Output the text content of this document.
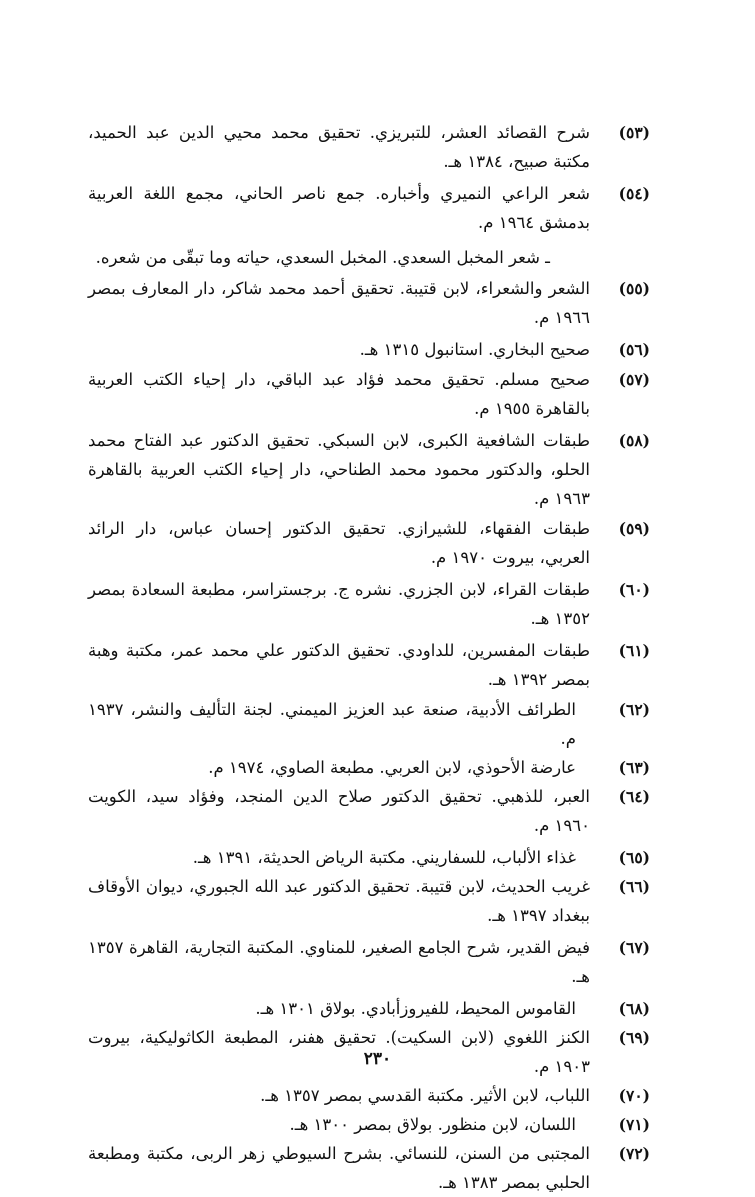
(٥٣)
شرح القصائد العشر، للتبريزي. تحقيق محمد محيي الدين عبد الحميد، مكتبة صبيح، ١٣٨٤ هـ.
(٥٤)
شعر الراعي النميري وأخباره. جمع ناصر الحاني، مجمع اللغة العربية بدمشق ١٩٦٤ م.
ـ شعر المخبل السعدي. المخبل السعدي، حياته وما تبقّى من شعره.
(٥٥)
الشعر والشعراء، لابن قتيبة. تحقيق أحمد محمد شاكر، دار المعارف بمصر ١٩٦٦ م.
(٥٦)
صحيح البخاري. استانبول ١٣١٥ هـ.
(٥٧)
صحيح مسلم. تحقيق محمد فؤاد عبد الباقي، دار إحياء الكتب العربية بالقاهرة ١٩٥٥ م.
(٥٨)
طبقات الشافعية الكبرى، لابن السبكي. تحقيق الدكتور عبد الفتاح محمد الحلو، والدكتور محمود محمد الطناحي، دار إحياء الكتب العربية بالقاهرة ١٩٦٣ م.
(٥٩)
طبقات الفقهاء، للشيرازي. تحقيق الدكتور إحسان عباس، دار الرائد العربي، بيروت ١٩٧٠ م.
(٦٠)
طبقات القراء، لابن الجزري. نشره ج. برجستراسر، مطبعة السعادة بمصر ١٣٥٢ هـ.
(٦١)
طبقات المفسرين، للداودي. تحقيق الدكتور علي محمد عمر، مكتبة وهبة بمصر ١٣٩٢ هـ.
(٦٢)
الطرائف الأدبية، صنعة عبد العزيز الميمني. لجنة التأليف والنشر، ١٩٣٧ م.
(٦٣)
عارضة الأحوذي، لابن العربي. مطبعة الصاوي، ١٩٧٤ م.
(٦٤)
العبر، للذهبي. تحقيق الدكتور صلاح الدين المنجد، وفؤاد سيد، الكويت ١٩٦٠ م.
(٦٥)
غذاء الألباب، للسفاريني. مكتبة الرياض الحديثة، ١٣٩١ هـ.
(٦٦)
غريب الحديث، لابن قتيبة. تحقيق الدكتور عبد الله الجبوري، ديوان الأوقاف ببغداد ١٣٩٧ هـ.
(٦٧)
فيض القدير، شرح الجامع الصغير، للمناوي. المكتبة التجارية، القاهرة ١٣٥٧ هـ.
(٦٨)
القاموس المحيط، للفيروزأبادي. بولاق ١٣٠١ هـ.
(٦٩)
الكنز اللغوي (لابن السكيت). تحقيق هفنر، المطبعة الكاثوليكية، بيروت ١٩٠٣ م.
(٧٠)
اللباب، لابن الأثير. مكتبة القدسي بمصر ١٣٥٧ هـ.
(٧١)
اللسان، لابن منظور. بولاق بمصر ١٣٠٠ هـ.
(٧٢)
المجتبى من السنن، للنسائي. بشرح السيوطي زهر الربى، مكتبة ومطبعة الحلبي بمصر ١٣٨٣ هـ.
٢٣٠
